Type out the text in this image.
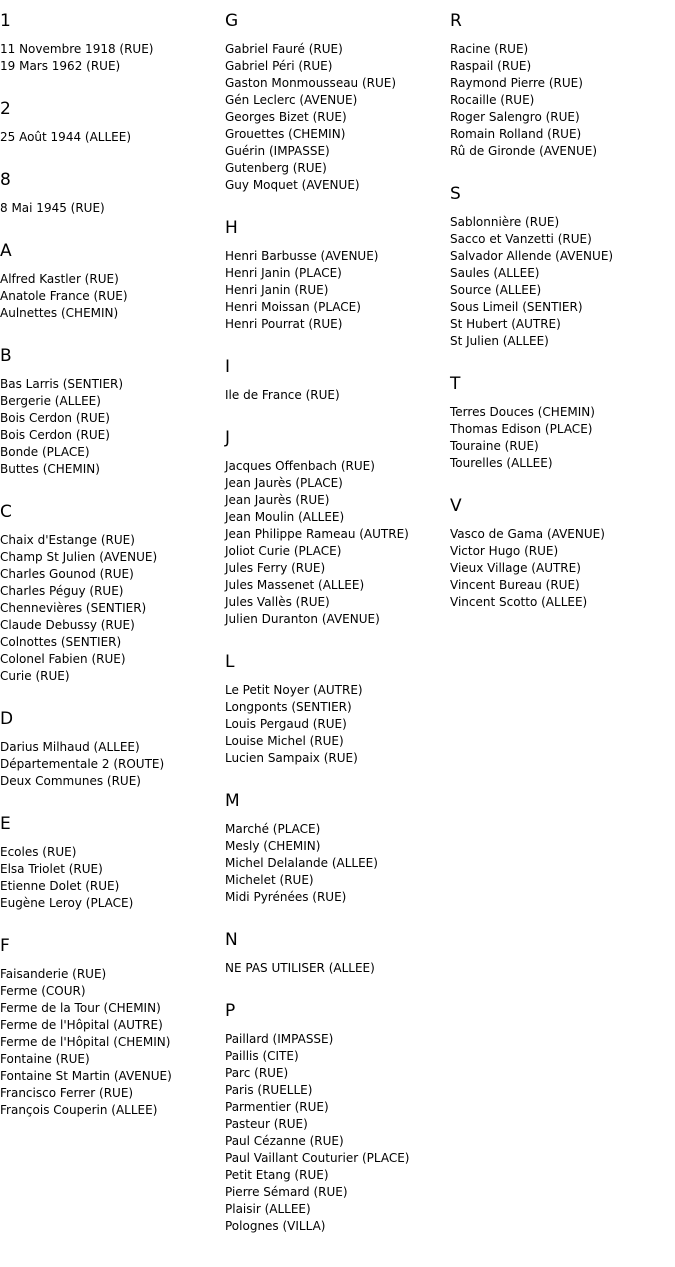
1
11 Novembre 1918 (RUE)
19 Mars 1962 (RUE)
2
25 Août 1944 (ALLEE)
8
8 Mai 1945 (RUE)
A
Alfred Kastler (RUE)
Anatole France (RUE)
Aulnettes (CHEMIN)
B
Bas Larris (SENTIER)
Bergerie (ALLEE)
Bois Cerdon (RUE)
Bois Cerdon (RUE)
Bonde (PLACE)
Buttes (CHEMIN)
C
Chaix d'Estange (RUE)
Champ St Julien (AVENUE)
Charles Gounod (RUE)
Charles Péguy (RUE)
Chennevières (SENTIER)
Claude Debussy (RUE)
Colnottes (SENTIER)
Colonel Fabien (RUE)
Curie (RUE)
D
Darius Milhaud (ALLEE)
Départementale 2 (ROUTE)
Deux Communes (RUE)
E
Ecoles (RUE)
Elsa Triolet (RUE)
Etienne Dolet (RUE)
Eugène Leroy (PLACE)
F
Faisanderie (RUE)
Ferme (COUR)
Ferme de la Tour (CHEMIN)
Ferme de l'Hôpital (AUTRE)
Ferme de l'Hôpital (CHEMIN)
Fontaine (RUE)
Fontaine St Martin (AVENUE)
Francisco Ferrer (RUE)
François Couperin (ALLEE)
G
Gabriel Fauré (RUE)
Gabriel Péri (RUE)
Gaston Monmousseau (RUE)
Gén Leclerc (AVENUE)
Georges Bizet (RUE)
Grouettes (CHEMIN)
Guérin (IMPASSE)
Gutenberg (RUE)
Guy Moquet (AVENUE)
H
Henri Barbusse (AVENUE)
Henri Janin (PLACE)
Henri Janin (RUE)
Henri Moissan (PLACE)
Henri Pourrat (RUE)
I
Ile de France (RUE)
J
Jacques Offenbach (RUE)
Jean Jaurès (PLACE)
Jean Jaurès (RUE)
Jean Moulin (ALLEE)
Jean Philippe Rameau (AUTRE)
Joliot Curie (PLACE)
Jules Ferry (RUE)
Jules Massenet (ALLEE)
Jules Vallès (RUE)
Julien Duranton (AVENUE)
L
Le Petit Noyer (AUTRE)
Longponts (SENTIER)
Louis Pergaud (RUE)
Louise Michel (RUE)
Lucien Sampaix (RUE)
M
Marché (PLACE)
Mesly (CHEMIN)
Michel Delalande (ALLEE)
Michelet (RUE)
Midi Pyrénées (RUE)
N
NE PAS UTILISER (ALLEE)
P
Paillard (IMPASSE)
Paillis (CITE)
Parc (RUE)
Paris (RUELLE)
Parmentier (RUE)
Pasteur (RUE)
Paul Cézanne (RUE)
Paul Vaillant Couturier (PLACE)
Petit Etang (RUE)
Pierre Sémard (RUE)
Plaisir (ALLEE)
Polognes (VILLA)
R
Racine (RUE)
Raspail (RUE)
Raymond Pierre (RUE)
Rocaille (RUE)
Roger Salengro (RUE)
Romain Rolland (RUE)
Rû de Gironde (AVENUE)
S
Sablonnière (RUE)
Sacco et Vanzetti (RUE)
Salvador Allende (AVENUE)
Saules (ALLEE)
Source (ALLEE)
Sous Limeil (SENTIER)
St Hubert (AUTRE)
St Julien (ALLEE)
T
Terres Douces (CHEMIN)
Thomas Edison (PLACE)
Touraine (RUE)
Tourelles (ALLEE)
V
Vasco de Gama (AVENUE)
Victor Hugo (RUE)
Vieux Village (AUTRE)
Vincent Bureau (RUE)
Vincent Scotto (ALLEE)
